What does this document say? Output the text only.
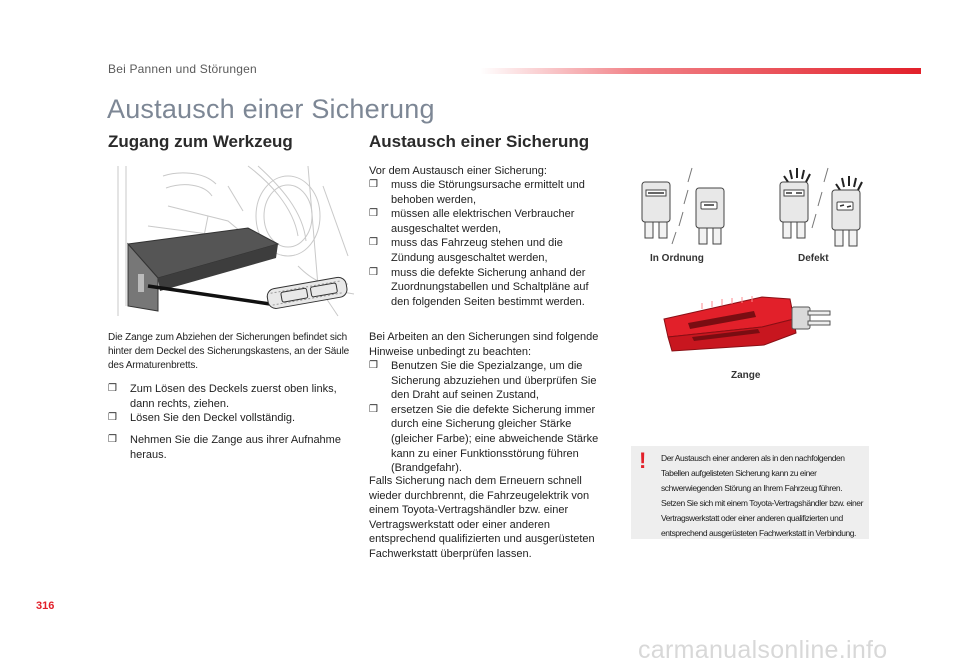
Bei Pannen und Störungen
Austausch einer Sicherung
Zugang zum Werkzeug	Austausch einer Sicherung
Die Zange zum Abziehen der Sicherungen befindet sich hinter dem Deckel des Sicherungskastens, an der Säule des Armaturenbretts.
❒ Zum Lösen des Deckels zuerst oben links, dann rechts, ziehen.
❒ Lösen Sie den Deckel vollständig.
❒ Nehmen Sie die Zange aus ihrer Aufnahme heraus.
Vor dem Austausch einer Sicherung:
❒ muss die Störungsursache ermittelt und behoben werden,
❒ müssen alle elektrischen Verbraucher ausgeschaltet werden,
❒ muss das Fahrzeug stehen und die Zündung ausgeschaltet werden,
❒ muss die defekte Sicherung anhand der Zuordnungstabellen und Schaltpläne auf den folgenden Seiten bestimmt werden.
Bei Arbeiten an den Sicherungen sind folgende Hinweise unbedingt zu beachten:
❒ Benutzen Sie die Spezialzange, um die Sicherung abzuziehen und überprüfen Sie den Draht auf seinen Zustand,
❒ ersetzen Sie die defekte Sicherung immer durch eine Sicherung gleicher Stärke (gleicher Farbe); eine abweichende Stärke kann zu einer Funktionsstörung führen (Brandgefahr).
Falls Sicherung nach dem Erneuern schnell wieder durchbrennt, die Fahrzeugelektrik von einem Toyota-Vertragshändler bzw. einer Vertragswerkstatt oder einer anderen entsprechend qualifizierten und ausgerüsteten Fachwerkstatt überprüfen lassen.
In Ordnung	Defekt
Zange
! Der Austausch einer anderen als in den nachfolgenden Tabellen aufgelisteten Sicherung kann zu einer schwerwiegenden Störung an Ihrem Fahrzeug führen. Setzen Sie sich mit einem Toyota-Vertragshändler bzw. einer Vertragswerkstatt oder einer anderen qualifizierten und entsprechend ausgerüsteten Fachwerkstatt in Verbindung.
316
carmanualsonline.info
